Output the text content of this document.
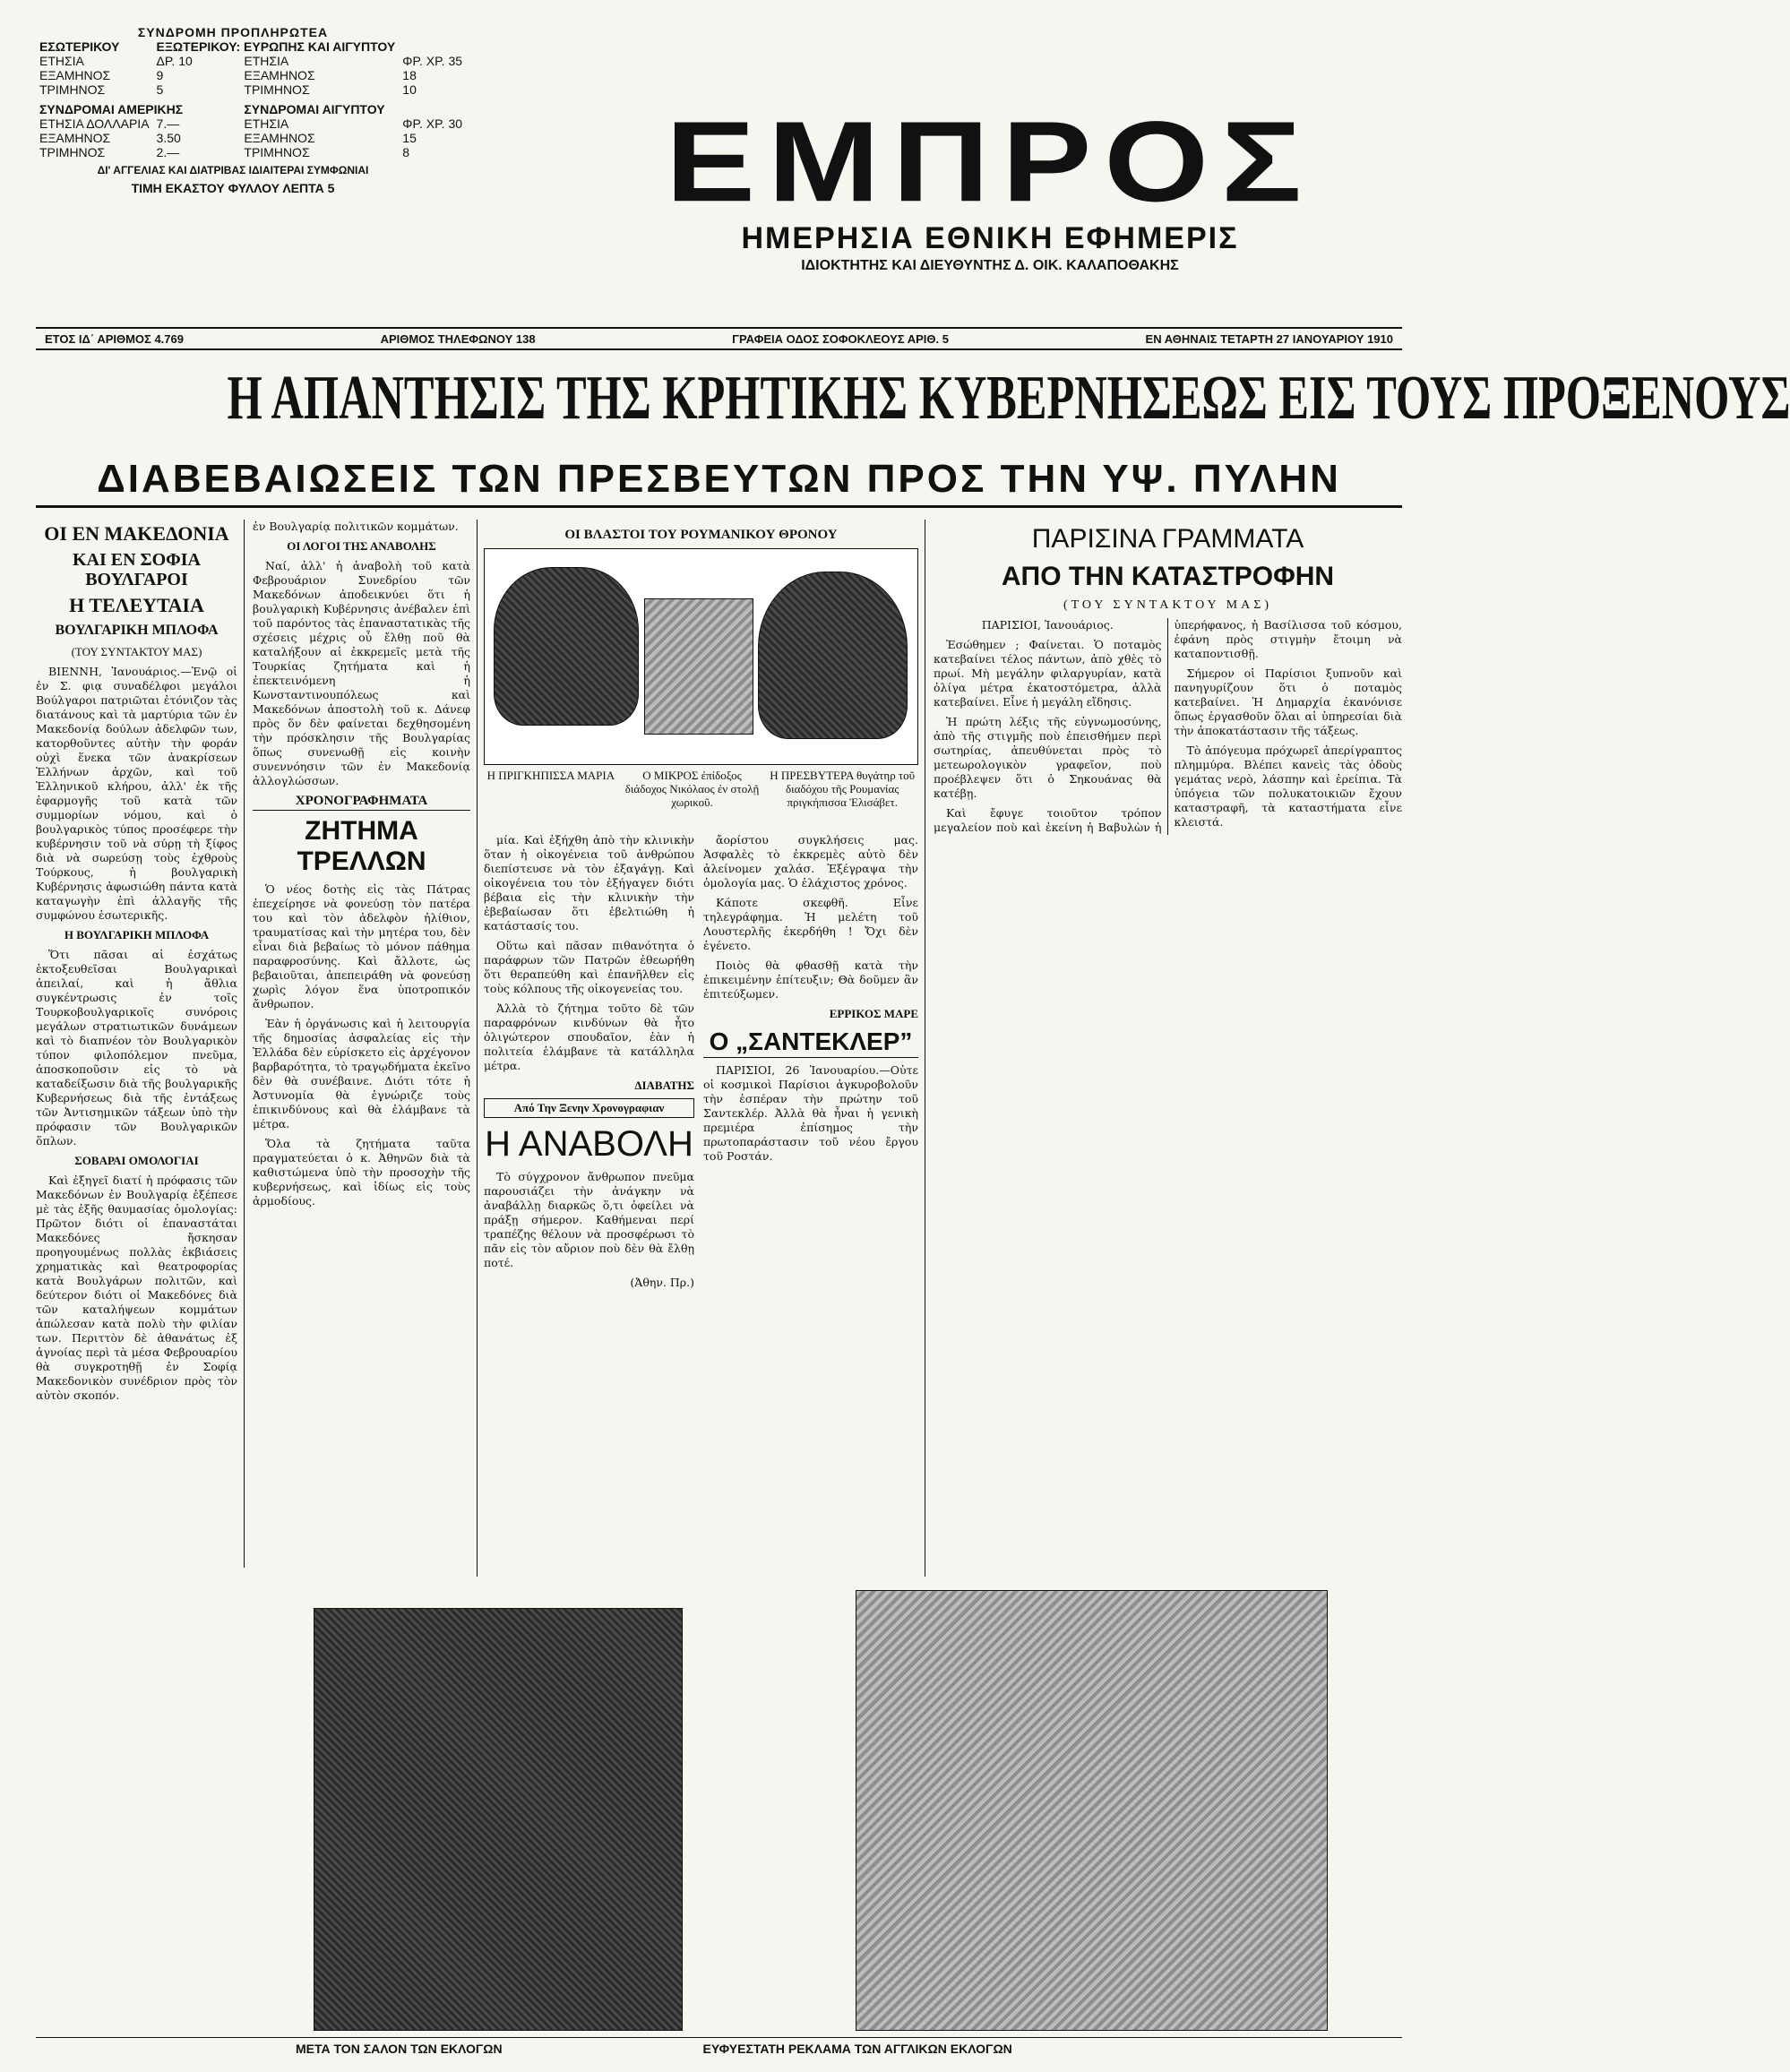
ΣΥΝΔΡΟΜΗ ΠΡΟΠΛΗΡΩΤΕΑ
ΕΣΩΤΕΡΙΚΟΥ	ΕΞΩΤΕΡΙΚΟΥ: ΕΥΡΩΠΗΣ ΚΑΙ ΑΙΓΥΠΤΟΥ		
ΕΤΗΣΙΑ	ΔΡ. 10	ΕΤΗΣΙΑ	ΦΡ. ΧΡ. 35
ΕΞΑΜΗΝΟΣ	9	ΕΞΑΜΗΝΟΣ	18
ΤΡΙΜΗΝΟΣ	5	ΤΡΙΜΗΝΟΣ	10
ΣΥΝΔΡΟΜΑΙ ΑΜΕΡΙΚΗΣ		ΣΥΝΔΡΟΜΑΙ ΑΙΓΥΠΤΟΥ	
ΕΤΗΣΙΑ ΔΟΛΛΑΡΙΑ	7.—	ΕΤΗΣΙΑ	ΦΡ. ΧΡ. 30
ΕΞΑΜΗΝΟΣ	3.50	ΕΞΑΜΗΝΟΣ	15
ΤΡΙΜΗΝΟΣ	2.—	ΤΡΙΜΗΝΟΣ	8
ΔΙ' ΑΓΓΕΛΙΑΣ ΚΑΙ ΔΙΑΤΡΙΒΑΣ ΙΔΙΑΙΤΕΡΑΙ ΣΥΜΦΩΝΙΑΙ
ΤΙΜΗ ΕΚΑΣΤΟΥ ΦΥΛΛΟΥ ΛΕΠΤΑ 5	ΕΜΠΡΟΣ
ΗΜΕΡΗΣΙΑ ΕΘΝΙΚΗ ΕΦΗΜΕΡΙΣ
ΙΔΙΟΚΤΗΤΗΣ ΚΑΙ ΔΙΕΥΘΥΝΤΗΣ Δ. ΟΙΚ. ΚΑΛΑΠΟΘΑΚΗΣ
ΕΤΟΣ ΙΔ΄ ΑΡΙΘΜΟΣ 4.769	ΑΡΙΘΜΟΣ ΤΗΛΕΦΩΝΟΥ 138	ΓΡΑΦΕΙΑ ΟΔΟΣ ΣΟΦΟΚΛΕΟΥΣ ΑΡΙΘ. 5	ΕΝ ΑΘΗΝΑΙΣ ΤΕΤΑΡΤΗ 27 ΙΑΝΟΥΑΡΙΟΥ 1910
Η ΑΠΑΝΤΗΣΙΣ ΤΗΣ ΚΡΗΤΙΚΗΣ ΚΥΒΕΡΝΗΣΕΩΣ ΕΙΣ ΤΟΥΣ ΠΡΟΞΕΝΟΥΣ
ΔΙΑΒΕΒΑΙΩΣΕΙΣ ΤΩΝ ΠΡΕΣΒΕΥΤΩΝ ΠΡΟΣ ΤΗΝ ΥΨ. ΠΥΛΗΝ
ΟΙ ΕΝ ΜΑΚΕΔΟΝΙΑ
ΚΑΙ ΕΝ ΣΟΦΙΑ ΒΟΥΛΓΑΡΟΙ
Η ΤΕΛΕΥΤΑΙΑ
ΒΟΥΛΓΑΡΙΚΗ ΜΠΛΟΦΑ
(ΤΟΥ ΣΥΝΤΑΚΤΟΥ ΜΑΣ)

ΒΙΕΝΝΗ, Ἰανουάριος.—Ἐνῷ οἱ ἐν Σ. φιᾳ συναδέλφοι μεγάλοι Βούλγαροι πατριῶται ἐτόνιζον τὰς διατάνους καὶ τὰ μαρτύρια τῶν ἐν Μακεδονίᾳ δούλων ἀδελφῶν των, κατορθοῦντες αὐτὴν τὴν φοράν οὐχὶ ἕνεκα τῶν ἀνακρίσεων Ἑλλήνων ἀρχῶν, καὶ τοῦ Ἑλληνικοῦ κλήρου, ἀλλ' ἐκ τῆς ἐφαρμογῆς τοῦ κατὰ τῶν συμμορίων νόμου, καὶ ὁ βουλγαρικὸς τύπος προσέφερε τὴν κυβέρνησιν τοῦ νὰ σύρῃ τὴ ξίφος διὰ νὰ σωρεύσῃ τοὺς ἐχθροὺς Τούρκους, ἡ βουλγαρικὴ Κυβέρνησις ἀφωσιώθη πάντα κατὰ καταγωγὴν ἐπὶ ἀλλαγῆς τῆς συμφώνου ἐσωτερικῆς.

Η ΒΟΥΛΓΑΡΙΚΗ ΜΠΛΟΦΑ

Ὅτι πᾶσαι αἱ ἐσχάτως ἐκτοξευθεῖσαι Βουλγαρικαὶ ἀπειλαί, καὶ ἡ ἄθλια συγκέντρωσις ἐν τοῖς Τουρκοβουλγαρικοῖς συνόροις μεγάλων στρατιωτικῶν δυνάμεων καὶ τὸ διαπνέον τὸν Βουλγαρικὸν τύπον φιλοπόλεμον πνεῦμα, ἀποσκοποῦσιν εἰς τὸ νὰ καταδείξωσιν διὰ τῆς βουλγαρικῆς Κυβερνήσεως διὰ τῆς ἐντάξεως τῶν Ἀντισημικῶν τάξεων ὑπὸ τὴν πρόφασιν τῶν Βουλγαρικῶν ὅπλων.

ΣΟΒΑΡΑΙ ΟΜΟΛΟΓΙΑΙ

Καὶ ἐξηγεῖ διατί ἡ πρόφασις τῶν Μακεδόνων ἐν Βουλγαρίᾳ ἐξέπεσε μὲ τὰς ἑξῆς θαυμασίας ὁμολογίας: Πρῶτον διότι οἱ ἐπαναστάται Μακεδόνες ἤσκησαν προηγουμένως πολλὰς ἐκβιάσεις χρηματικὰς καὶ θεατροφορίας κατὰ Βουλγάρων πολιτῶν, καὶ δεύτερον διότι οἱ Μακεδόνες διὰ τῶν καταλήψεων κομμάτων ἀπώλεσαν κατὰ πολὺ τὴν φιλίαν των. Περιττὸν δὲ ἀθανάτως ἐξ ἀγνοίας περὶ τὰ μέσα Φεβρουαρίου θὰ συγκροτηθῇ ἐν Σοφίᾳ Μακεδονικὸν συνέδριον πρὸς τὸν αὐτὸν σκοπόν.

ἐν Βουλγαρίᾳ πολιτικῶν κομμάτων.

ΟΙ ΛΟΓΟΙ ΤΗΣ ΑΝΑΒΟΛΗΣ

Ναί, ἀλλ' ἡ ἀναβολὴ τοῦ κατὰ Φεβρουάριον Συνεδρίου τῶν Μακεδόνων ἀποδεικνύει ὅτι ἡ βουλγαρικὴ Κυβέρνησις ἀνέβαλεν ἐπὶ τοῦ παρόντος τὰς ἐπαναστατικὰς τῆς σχέσεις μέχρις οὗ ἔλθῃ ποῦ θὰ καταλήξουν αἱ ἐκκρεμεῖς μετὰ τῆς Τουρκίας ζητήματα καὶ ἡ ἐπεκτεινόμενη ἡ Κωνσταντινουπόλεως καὶ Μακεδόνων ἀποστολὴ τοῦ κ. Δάνεφ πρὸς ὅν δὲν φαίνεται δεχθησομένη τὴν πρόσκλησιν τῆς Βουλγαρίας ὅπως συνενωθῇ εἰς κοινὴν συνεννόησιν τῶν ἐν Μακεδονίᾳ ἀλλογλώσσων.

ΧΡΟΝΟΓΡΑΦΗΜΑΤΑ
ΖΗΤΗΜΑ ΤΡΕΛΛΩΝ

Ὁ νέος δοτὴς εἰς τὰς Πάτρας ἐπεχείρησε νὰ φονεύσῃ τὸν πατέρα του καὶ τὸν ἀδελφὸν ἠλίθιον, τραυματίσας καὶ τὴν μητέρα του, δὲν εἶναι διὰ βεβαίως τὸ μόνον πάθημα παραφροσύνης. Καὶ ἄλλοτε, ὡς βεβαιοῦται, ἀπεπειράθη νὰ φονεύσῃ χωρὶς λόγον ἕνα ὑποτροπικόν ἄνθρωπον.

Ἐὰν ἡ ὀργάνωσις καὶ ἡ λειτουργία τῆς δημοσίας ἀσφαλείας εἰς τὴν Ἑλλάδα δὲν εὑρίσκετο εἰς ἀρχέγονον βαρβαρότητα, τὸ τραγῳδήματα ἐκεῖνο δὲν θὰ συνέβαινε. Διότι τότε ἡ Ἀστυνομία θὰ ἐγνώριζε τοὺς ἐπικινδύνους καὶ θὰ ἐλάμβανε τὰ μέτρα.

Ὅλα τὰ ζητήματα ταῦτα πραγματεύεται ὁ κ. Ἀθηνῶν διὰ τὰ καθιστώμενα ὑπὸ τὴν προσοχὴν τῆς κυβερνήσεως, καὶ ἰδίως εἰς τοὺς ἀρμοδίους.

ΟΙ ΒΛΑΣΤΟΙ ΤΟΥ ΡΟΥΜΑΝΙΚΟΥ ΘΡΟΝΟΥ
Η ΠΡΙΓΚΗΠΙΣΣΑ ΜΑΡΙΑ	Ο ΜΙΚΡΟΣ ἐπίδοξος διάδοχος Νικόλαος ἐν στολῇ χωρικοῦ.
Η ΠΡΕΣΒΥΤΕΡΑ θυγάτηρ τοῦ διαδόχου τῆς Ρουμανίας πριγκήπισσα Ἐλισάβετ.

μία. Καὶ ἐξήχθη ἀπὸ τὴν κλινικὴν ὅταν ἡ οἰκογένεια τοῦ ἀνθρώπου διεπίστευσε νὰ τὸν ἐξαγάγῃ. Καὶ οἰκογένεια του τὸν ἐξήγαγεν διότι βέβαια εἰς τὴν κλινικὴν τὴν ἐβεβαίωσαν ὅτι ἐβελτιώθη ἡ κατάστασίς του.

Οὕτω καὶ πᾶσαν πιθανότητα ὁ παράφρων τῶν Πατρῶν ἐθεωρήθη ὅτι θεραπεύθη καὶ ἐπανῆλθεν εἰς τοὺς κόλπους τῆς οἰκογενείας του.

Ἀλλὰ τὸ ζήτημα τοῦτο δὲ τῶν παραφρόνων κινδύνων θὰ ἦτο ὀλιγώτερον σπουδαῖον, ἐὰν ἡ πολιτεία ἐλάμβανε τὰ κατάλληλα μέτρα.

ΔΙΑΒΑΤΗΣ
Από Την Ξενην Χρονογραφιαν
Η ΑΝΑΒΟΛΗ

Τὸ σύγχρονον ἄνθρωπον πνεῦμα παρουσιάζει τὴν ἀνάγκην νὰ ἀναβάλλῃ διαρκῶς ὅ,τι ὀφείλει νὰ πράξῃ σήμερον. Καθήμεναι περί τραπέζης θέλουν νὰ προσφέρωσι τὸ πᾶν εἰς τὸν αὔριον ποὺ δὲν θὰ ἔλθῃ ποτέ.

(Ἀθην. Πρ.)

ἄορίστου συγκλήσεις μας. Ἀσφαλὲς τὸ ἐκκρεμὲς αὐτὸ δὲν ἀλείνομεν χαλάσ. Ἐξέγραψα τὴν ὁμολογία μας. Ὁ ἐλάχιστος χρόνος.

Κάποτε σκεφθῆ. Εἶνε τηλεγράφημα. Ἡ μελέτη τοῦ Λουστερλῆς ἐκερδήθη ! Ὄχι δὲν ἐγένετο.

Ποιὸς θὰ φθασθῇ κατὰ τὴν ἐπικειμένην ἐπίτευξιν; Θὰ δοῦμεν ἂν ἐπιτεύξωμεν.

ΕΡΡΙΚΟΣ ΜΑΡΕ
Ο „ΣΑΝΤΕΚΛΕΡ”

ΠΑΡΙΣΙΟΙ, 26 Ἰανουαρίου.—Οὐτε οἱ κοσμικοὶ Παρίσιοι ἀγκυροβολοῦν τὴν ἑσπέραν τὴν πρώτην τοῦ Σαντεκλέρ. Ἀλλὰ θὰ ἦναι ἡ γενικὴ πρεμιέρα ἐπίσημος τὴν πρωτοπαράστασιν τοῦ νέου ἔργου τοῦ Ροστάν.

ΠΑΡΙΣΙΝΑ ΓΡΑΜΜΑΤΑ
ΑΠΟ ΤΗΝ ΚΑΤΑΣΤΡΟΦΗΝ
(ΤΟΥ ΣΥΝΤΑΚΤΟΥ ΜΑΣ)

ΠΑΡΙΣΙΟΙ, Ἰανουάριος.

Ἐσώθημεν ; Φαίνεται. Ὁ ποταμὸς κατεβαίνει τέλος πάντων, ἀπὸ χθὲς τὸ πρωί. Μὴ μεγάλην φιλαργυρίαν, κατὰ ὀλίγα μέτρα ἐκατοστόμετρα, ἀλλὰ κατεβαίνει. Εἶνε ἡ μεγάλη εἴδησις.

Ἡ πρώτη λέξις τῆς εὐγνωμοσύνης, ἀπὸ τῆς στιγμῆς ποὺ ἐπεισθήμεν περὶ σωτηρίας, ἀπευθύνεται πρὸς τὸ μετεωρολογικὸν γραφεῖον, ποὺ προέβλεψεν ὅτι ὁ Σηκουάνας θὰ κατέβῃ.

Καὶ ἔφυγε τοιοῦτον τρόπον μεγαλείον ποὺ καὶ ἐκείνη ἡ Βαβυλὼν ἡ ὑπερήφανος, ἡ Βασίλισσα τοῦ κόσμου, ἐφάνη πρὸς στιγμὴν ἔτοιμη νὰ καταποντισθῇ.

Σήμερον οἱ Παρίσιοι ξυπνοῦν καὶ πανηγυρίζουν ὅτι ὁ ποταμὸς κατεβαίνει. Ἡ Δημαρχία ἐκανόνισε ὅπως ἐργασθοῦν ὅλαι αἱ ὑπηρεσίαι διὰ τὴν ἀποκατάστασιν τῆς τάξεως.

Τὸ ἀπόγευμα πρόχωρεῖ ἀπερίγραπτος πλημμύρα. Βλέπει κανεὶς τὰς ὁδοὺς γεμάτας νερὸ, λάσπην καὶ ἐρείπια. Τὰ ὑπόγεια τῶν πολυκατοικιῶν ἔχουν καταστραφῆ, τὰ καταστήματα εἶνε κλειστά.

ΜΕΤΑ ΤΟΝ ΣΑΛΟΝ ΤΩΝ ΕΚΛΟΓΩΝ	ΕΥΦΥΕΣΤΑΤΗ ΡΕΚΛΑΜΑ ΤΩΝ ΑΓΓΛΙΚΩΝ ΕΚΛΟΓΩΝ
